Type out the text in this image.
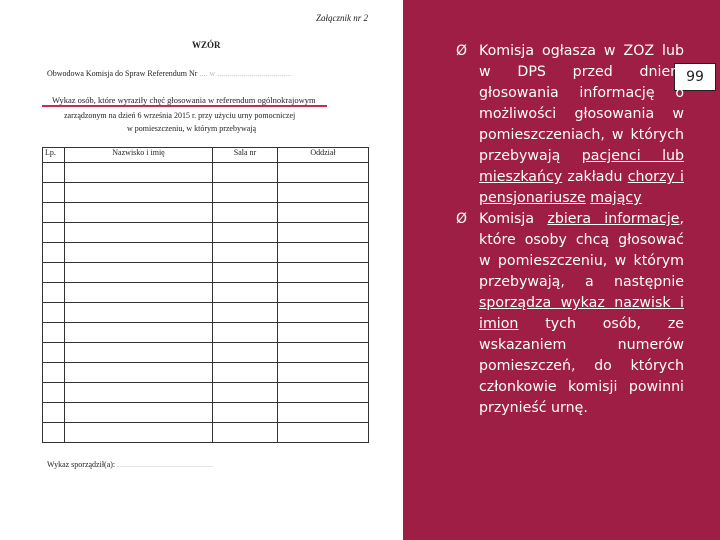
Załącznik nr 2
WZÓR
Obwodowa Komisja do Spraw Referendum Nr .... w .....................................
Wykaz osób, które wyraziły chęć głosowania w referendum ogólnokrajowym
zarządzonym na dzień 6 września 2015 r. przy użyciu urny pomocniczej
w pomieszczeniu, w którym przebywają
Lp.	Nazwisko i imię	Sala nr	Oddział

Wykaz sporządził(a): ................................................
99

Ø Komisja ogłasza w ZOZ lub w DPS przed dniem głosowania informację o możliwości głosowania w pomieszczeniach, w których przebywają pacjenci lub mieszkańcy zakładu chorzy i pensjonariusze mający

Ø Komisja zbiera informacje, które osoby chcą głosować w pomieszczeniu, w którym przebywają, a następnie sporządza wykaz nazwisk i imion tych osób, ze wskazaniem numerów pomieszczeń, do których członkowie komisji powinni przynieść urnę.
